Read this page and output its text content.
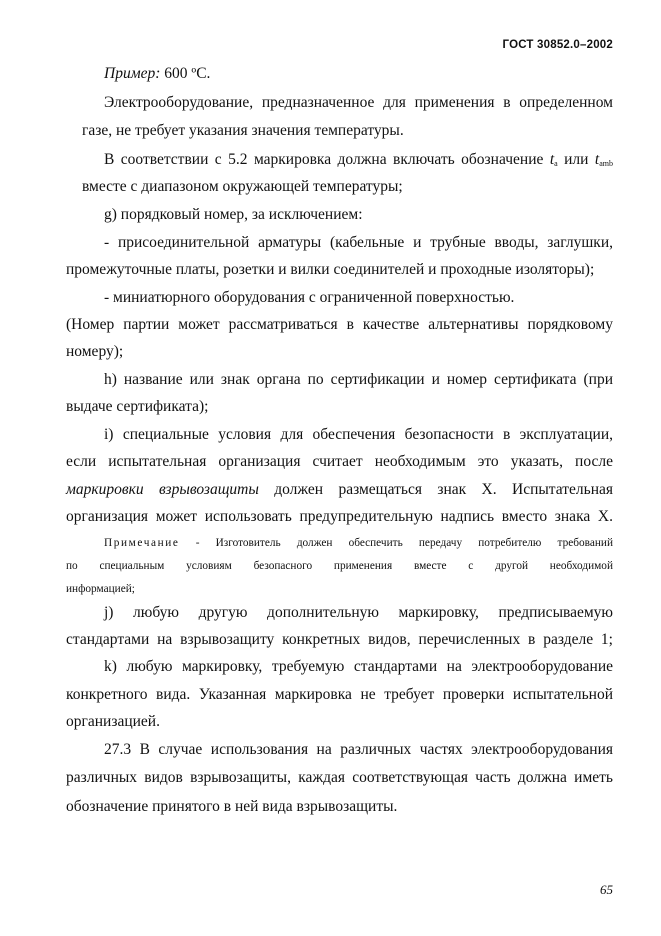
ГОСТ 30852.0–2002
Пример: 600 ºС.
Электрооборудование, предназначенное для применения в определенном
газе, не требует указания значения температуры.
В соответствии с 5.2 маркировка должна включать обозначение $t_a$ или $t_{amb}$
вместе с диапазоном окружающей температуры;
g) порядковый номер, за исключением:
- присоединительной арматуры (кабельные и трубные вводы, заглушки,
промежуточные платы, розетки и вилки соединителей и проходные изоляторы);
- миниатюрного оборудования с ограниченной поверхностью.
(Номер партии может рассматриваться в качестве альтернативы порядковому
номеру);
h) название или знак органа по сертификации и номер сертификата (при
выдаче сертификата);
i) специальные условия для обеспечения безопасности в эксплуатации,
если испытательная организация считает необходимым это указать, после
маркировки взрывозащиты должен размещаться знак Х. Испытательная
организация может использовать предупредительную надпись вместо знака Х.
Примечание - Изготовитель должен обеспечить передачу потребителю требований
по специальным условиям безопасного применения вместе с другой необходимой
информацией;
j) любую другую дополнительную маркировку, предписываемую
стандартами на взрывозащиту конкретных видов, перечисленных в разделе 1;
k) любую маркировку, требуемую стандартами на электрооборудование
конкретного вида. Указанная маркировка не требует проверки испытательной
организацией.
27.3 В случае использования на различных частях электрооборудования
различных видов взрывозащиты, каждая соответствующая часть должна иметь
обозначение принятого в ней вида взрывозащиты.
65
